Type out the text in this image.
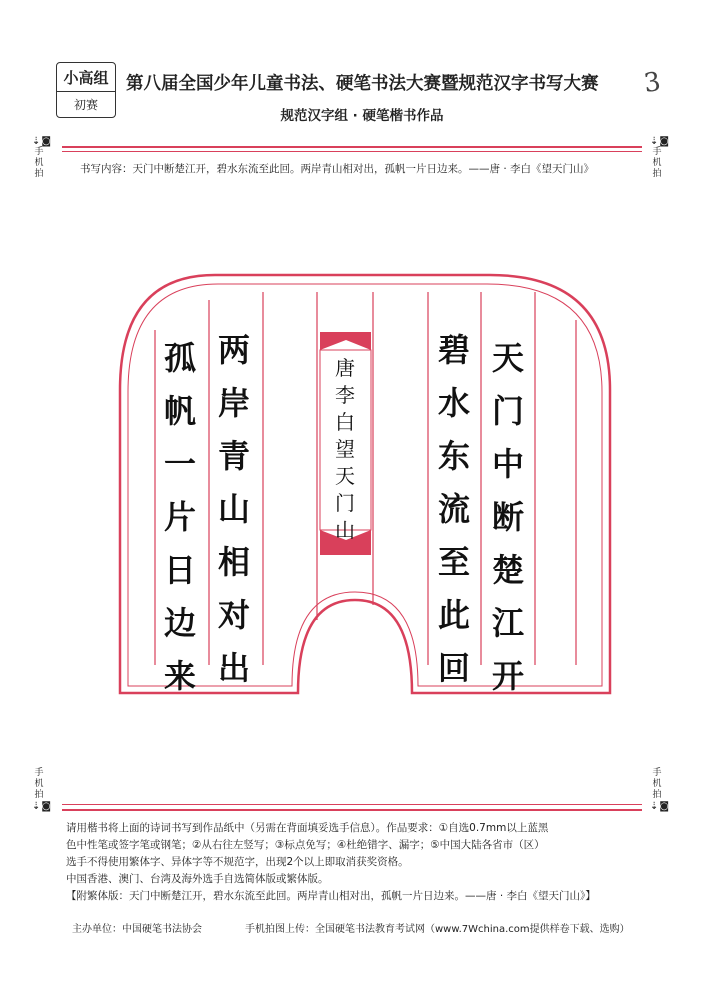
小高组
初赛
第八届全国少年儿童书法、硬笔书法大赛暨规范汉字书写大赛
规范汉字组 · 硬笔楷书作品
3
⇣◙
手机拍
⇣◙
手机拍
书写内容：天门中断楚江开，碧水东流至此回。两岸青山相对出，孤帆一片日边来。——唐 · 李白《望天门山》
天门中断楚江开
碧水东流至此回
两岸青山相对出
孤帆一片日边来
唐李白望天门山
手机拍
⇣◙
手机拍
⇣◙

请用楷书将上面的诗词书写到作品纸中（另需在背面填妥选手信息）。作品要求：①自选0.7mm以上蓝黑

色中性笔或签字笔或钢笔；②从右往左竖写；③标点免写；④杜绝错字、漏字；⑤中国大陆各省市（区）

选手不得使用繁体字、异体字等不规范字，出现2个以上即取消获奖资格。

中国香港、澳门、台湾及海外选手自选简体版或繁体版。

【附繁体版：天门中断楚江开，碧水东流至此回。两岸青山相对出，孤帆一片日边来。——唐 · 李白《望天门山》】

主办单位：中国硬笔书法协会	手机拍图上传：全国硬笔书法教育考试网（www.7Wchina.com提供样卷下载、选购）
